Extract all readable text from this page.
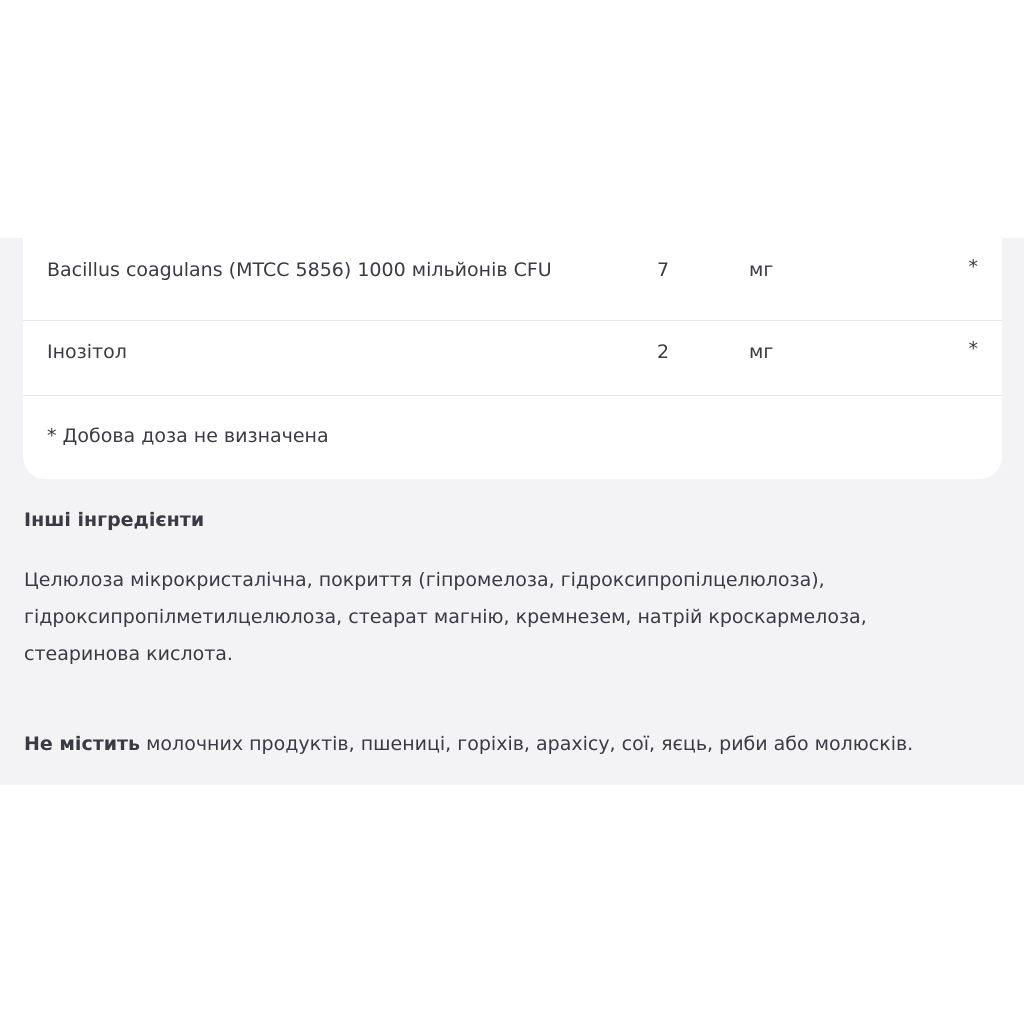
Bacillus coagulans (MTCC 5856) 1000 мільйонів CFU	7	мг	*
Інозітол	2	мг	*
* Добова доза не визначена
Інші інгредієнти
Целюлоза мікрокристалічна, покриття (гіпромелоза, гідроксипропілцелюлоза),
гідроксипропілметилцелюлоза, стеарат магнію, кремнезем, натрій кроскармелоза,
стеаринова кислота.
Не містить молочних продуктів, пшениці, горіхів, арахісу, сої, яєць, риби або молюсків.
